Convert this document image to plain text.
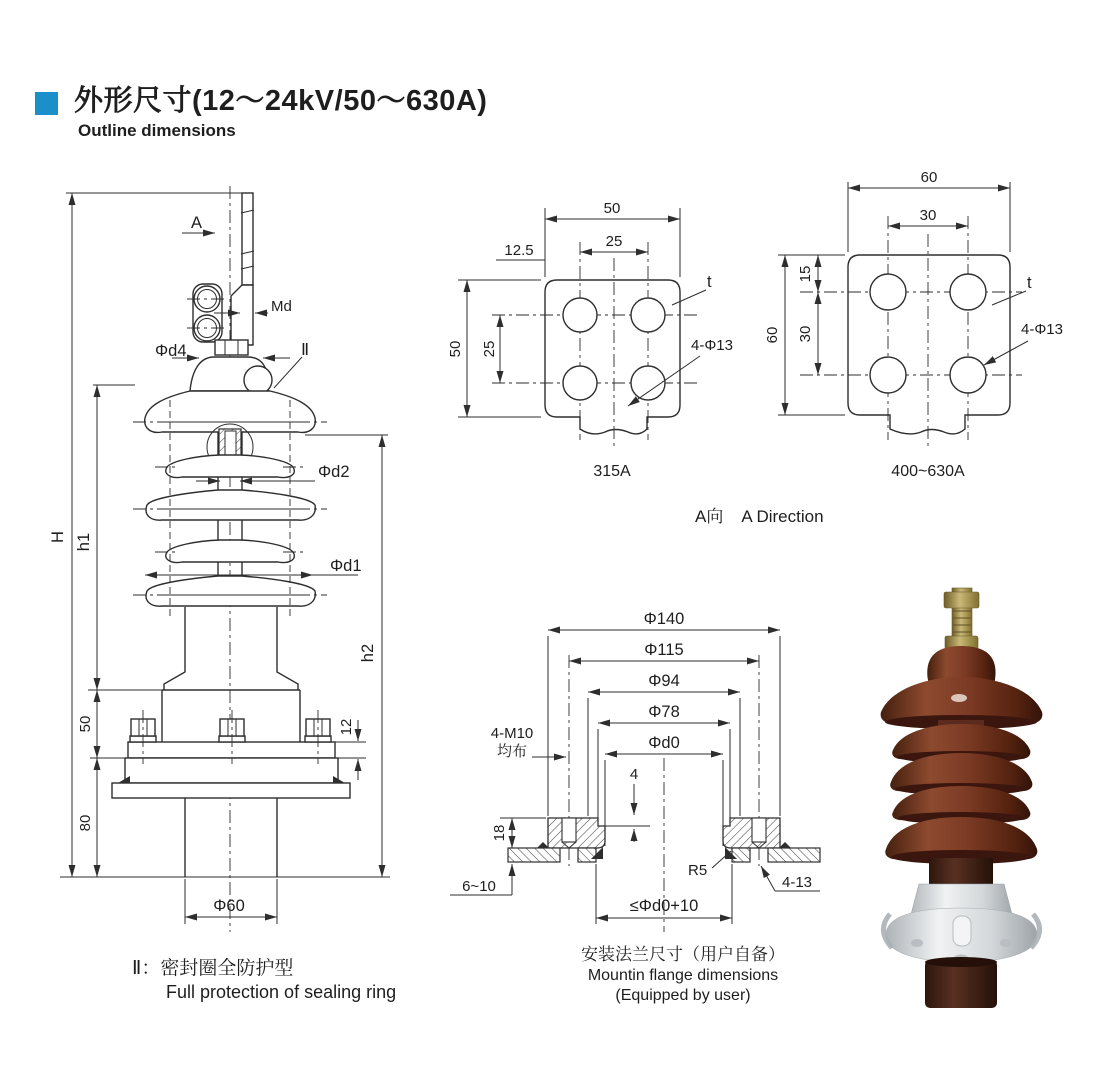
外形尺寸(12～24kV/50～630A)
Outline dimensions
H h1
50
80
h2
12
Φ60
A
Md
Φd4	Ⅱ
Φd2
Φd1
50
25
12.5
50 25
t
4-Φ13
60
30
60
15
30
t
4-Φ13
Φ140
Φ115
Φ94
Φ78
Φd0
4-M10
均布
4
18
6~10
R5
4-13
≤Φd0+10
315A	400~630A
A向 A Direction
安装法兰尺寸（用户自备）
Mountin flange dimensions
(Equipped by user)
Ⅱ：密封圈全防护型
Full protection of sealing ring
